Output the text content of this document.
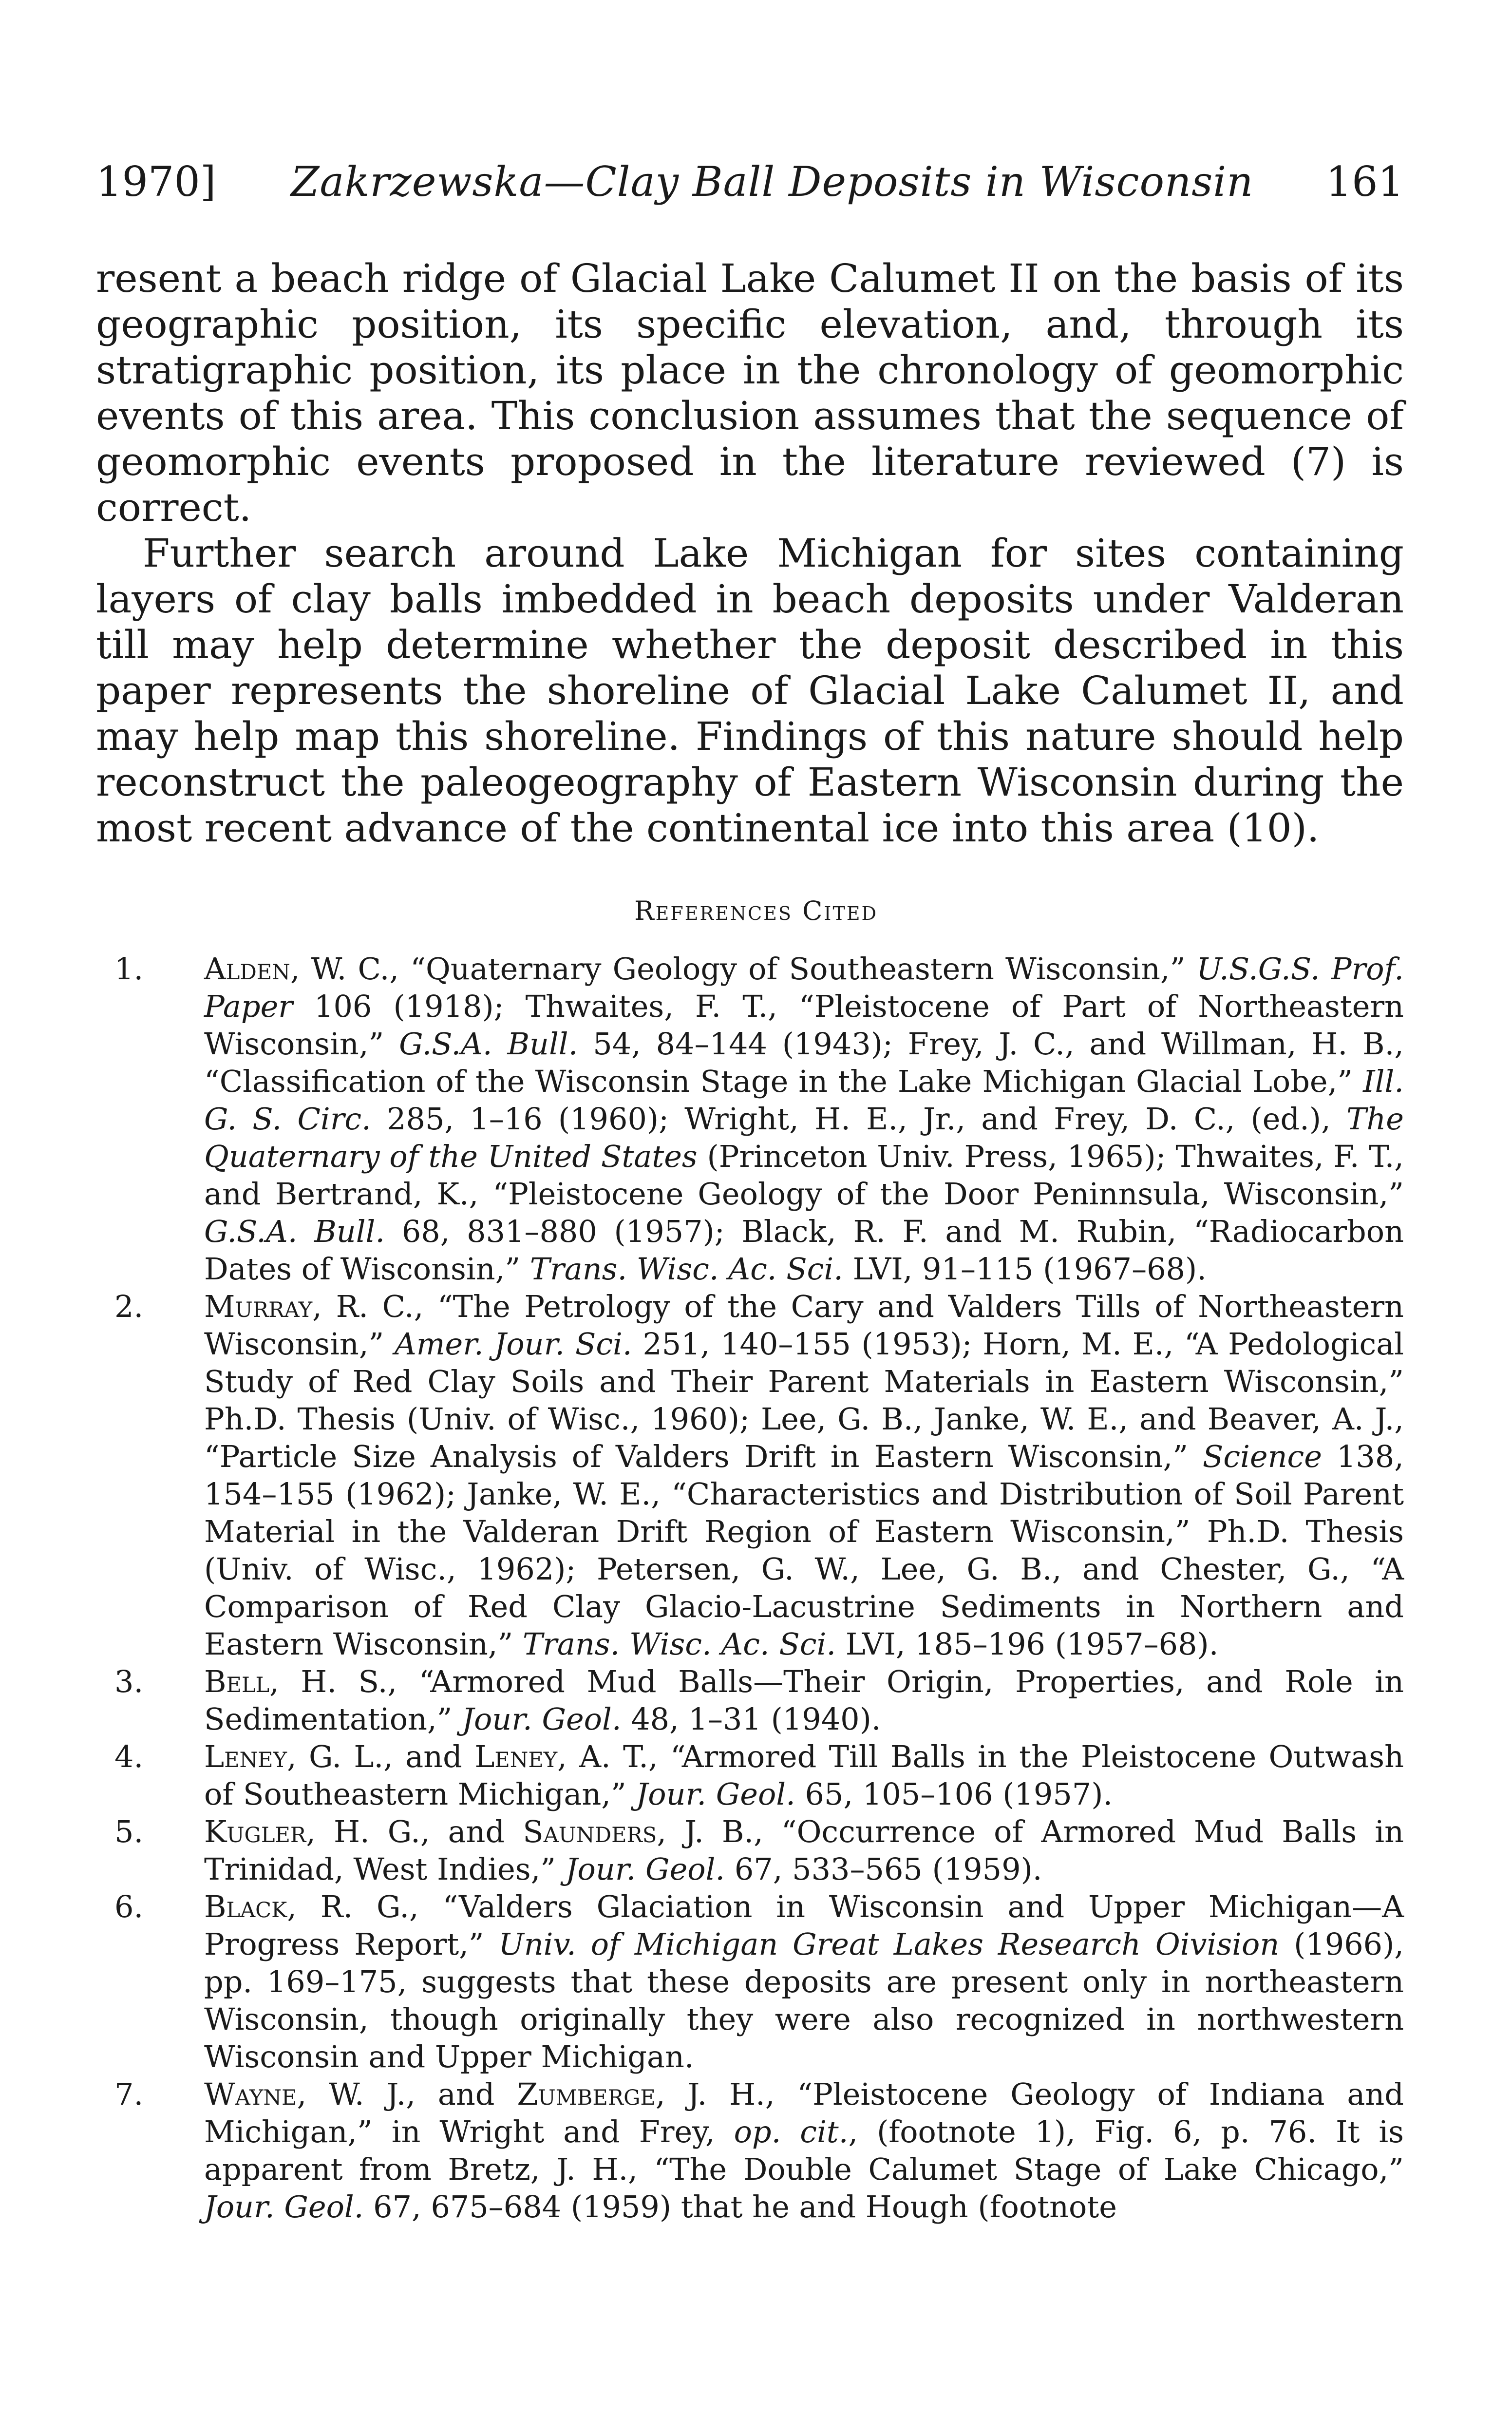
1970] Zakrzewska—Clay Ball Deposits in Wisconsin 161

resent a beach ridge of Glacial Lake Calumet II on the basis of its geographic position, its specific elevation, and, through its stratigraphic position, its place in the chronology of geomorphic events of this area. This conclusion assumes that the sequence of geomorphic events proposed in the literature reviewed (7) is correct.

Further search around Lake Michigan for sites containing layers of clay balls imbedded in beach deposits under Valderan till may help determine whether the deposit described in this paper represents the shoreline of Glacial Lake Calumet II, and may help map this shoreline. Findings of this nature should help reconstruct the paleogeography of Eastern Wisconsin during the most recent advance of the continental ice into this area (10).

References Cited
1.	Alden, W. C., “Quaternary Geology of Southeastern Wisconsin,” U.S.G.S. Prof. Paper 106 (1918); Thwaites, F. T., “Pleistocene of Part of Northeastern Wisconsin,” G.S.A. Bull. 54, 84–144 (1943); Frey, J. C., and Willman, H. B., “Classification of the Wisconsin Stage in the Lake Michigan Glacial Lobe,” Ill. G. S. Circ. 285, 1–16 (1960); Wright, H. E., Jr., and Frey, D. C., (ed.), The Quaternary of the United States (Princeton Univ. Press, 1965); Thwaites, F. T., and Bertrand, K., “Pleistocene Geology of the Door Peninnsula, Wisconsin,” G.S.A. Bull. 68, 831–880 (1957); Black, R. F. and M. Rubin, “Radiocarbon Dates of Wisconsin,” Trans. Wisc. Ac. Sci. LVI, 91–115 (1967–68).
2.	Murray, R. C., “The Petrology of the Cary and Valders Tills of Northeastern Wisconsin,” Amer. Jour. Sci. 251, 140–155 (1953); Horn, M. E., “A Pedological Study of Red Clay Soils and Their Parent Materials in Eastern Wisconsin,” Ph.D. Thesis (Univ. of Wisc., 1960); Lee, G. B., Janke, W. E., and Beaver, A. J., “Particle Size Analysis of Valders Drift in Eastern Wisconsin,” Science 138, 154–155 (1962); Janke, W. E., “Characteristics and Distribution of Soil Parent Material in the Valderan Drift Region of Eastern Wisconsin,” Ph.D. Thesis (Univ. of Wisc., 1962); Petersen, G. W., Lee, G. B., and Chester, G., “A Comparison of Red Clay Glacio-Lacustrine Sediments in Northern and Eastern Wisconsin,” Trans. Wisc. Ac. Sci. LVI, 185–196 (1957–68).
3.	Bell, H. S., “Armored Mud Balls—Their Origin, Properties, and Role in Sedimentation,” Jour. Geol. 48, 1–31 (1940).
4.	Leney, G. L., and Leney, A. T., “Armored Till Balls in the Pleistocene Outwash of Southeastern Michigan,” Jour. Geol. 65, 105–106 (1957).
5.	Kugler, H. G., and Saunders, J. B., “Occurrence of Armored Mud Balls in Trinidad, West Indies,” Jour. Geol. 67, 533–565 (1959).
6.	Black, R. G., “Valders Glaciation in Wisconsin and Upper Michigan—A Progress Report,” Univ. of Michigan Great Lakes Research Oivision (1966), pp. 169–175, suggests that these deposits are present only in northeastern Wisconsin, though originally they were also recognized in northwestern Wisconsin and Upper Michigan.
7.	Wayne, W. J., and Zumberge, J. H., “Pleistocene Geology of Indiana and Michigan,” in Wright and Frey, op. cit., (footnote 1), Fig. 6, p. 76. It is apparent from Bretz, J. H., “The Double Calumet Stage of Lake Chicago,” Jour. Geol. 67, 675–684 (1959) that he and Hough (footnote
